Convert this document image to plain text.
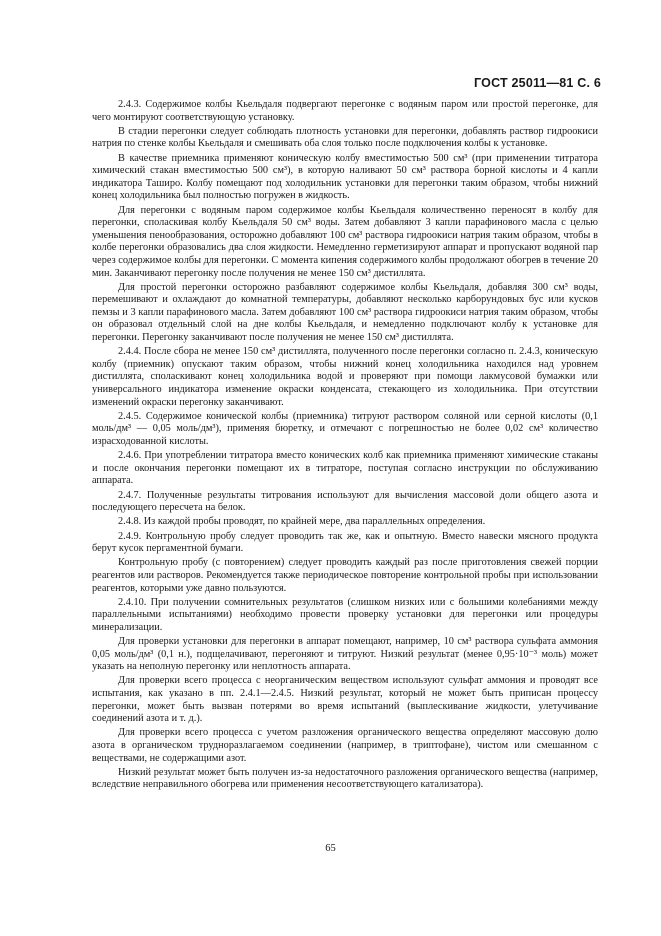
ГОСТ 25011—81 С. 6

2.4.3. Содержимое колбы Кьельдаля подвергают перегонке с водяным паром или простой перегонке, для чего монтируют соответствующую установку.

В стадии перегонки следует соблюдать плотность установки для перегонки, добавлять раствор гидроокиси натрия по стенке колбы Кьельдаля и смешивать оба слоя только после подключения колбы к установке.

В качестве приемника применяют коническую колбу вместимостью 500 см³ (при применении титратора химический стакан вместимостью 500 см³), в которую наливают 50 см³ раствора борной кислоты и 4 капли индикатора Таширо. Колбу помещают под холодильник установки для перегонки таким образом, чтобы нижний конец холодильника был полностью погружен в жидкость.

Для перегонки с водяным паром содержимое колбы Кьельдаля количественно переносят в колбу для перегонки, споласкивая колбу Кьельдаля 50 см³ воды. Затем добавляют 3 капли парафинового масла с целью уменьшения пенообразования, осторожно добавляют 100 см³ раствора гидроокиси натрия таким образом, чтобы в колбе перегонки образовались два слоя жидкости. Немедленно герметизируют аппарат и пропускают водяной пар через содержимое колбы для перегонки. С момента кипения содержимого колбы продолжают обогрев в течение 20 мин. Заканчивают перегонку после получения не менее 150 см³ дистиллята.

Для простой перегонки осторожно разбавляют содержимое колбы Кьельдаля, добавляя 300 см³ воды, перемешивают и охлаждают до комнатной температуры, добавляют несколько карборундовых бус или кусков пемзы и 3 капли парафинового масла. Затем добавляют 100 см³ раствора гидроокиси натрия таким образом, чтобы он образовал отдельный слой на дне колбы Кьельдаля, и немедленно подключают колбу к установке для перегонки. Перегонку заканчивают после получения не менее 150 см³ дистиллята.

2.4.4. После сбора не менее 150 см³ дистиллята, полученного после перегонки согласно п. 2.4.3, коническую колбу (приемник) опускают таким образом, чтобы нижний конец холодильника находился над уровнем дистиллята, споласкивают конец холодильника водой и проверяют при помощи лакмусовой бумажки или универсального индикатора изменение окраски конденсата, стекающего из холодильника. При отсутствии изменений окраски перегонку заканчивают.

2.4.5. Содержимое конической колбы (приемника) титруют раствором соляной или серной кислоты (0,1 моль/дм³ — 0,05 моль/дм³), применяя бюретку, и отмечают с погрешностью не более 0,02 см³ количество израсходованной кислоты.

2.4.6. При употреблении титратора вместо конических колб как приемника применяют химические стаканы и после окончания перегонки помещают их в титраторе, поступая согласно инструкции по обслуживанию аппарата.

2.4.7. Полученные результаты титрования используют для вычисления массовой доли общего азота и последующего пересчета на белок.

2.4.8. Из каждой пробы проводят, по крайней мере, два параллельных определения.

2.4.9. Контрольную пробу следует проводить так же, как и опытную. Вместо навески мясного продукта берут кусок пергаментной бумаги.

Контрольную пробу (с повторением) следует проводить каждый раз после приготовления свежей порции реагентов или растворов. Рекомендуется также периодическое повторение контрольной пробы при использовании реагентов, которыми уже давно пользуются.

2.4.10. При получении сомнительных результатов (слишком низких или с большими колебаниями между параллельными испытаниями) необходимо провести проверку установки для перегонки или процедуры минерализации.

Для проверки установки для перегонки в аппарат помещают, например, 10 см³ раствора сульфата аммония 0,05 моль/дм³ (0,1 н.), подщелачивают, перегоняют и титруют. Низкий результат (менее 0,95·10⁻³ моль) может указать на неполную перегонку или неплотность аппарата.

Для проверки всего процесса с неорганическим веществом используют сульфат аммония и проводят все испытания, как указано в пп. 2.4.1—2.4.5. Низкий результат, который не может быть приписан процессу перегонки, может быть вызван потерями во время испытаний (выплескивание жидкости, улетучивание соединений азота и т. д.).

Для проверки всего процесса с учетом разложения органического вещества определяют массовую долю азота в органическом трудноразлагаемом соединении (например, в триптофане), чистом или смешанном с веществами, не содержащими азот.

Низкий результат может быть получен из-за недостаточного разложения органического вещества (например, вследствие неправильного обогрева или применения несоответствующего катализатора).

65
